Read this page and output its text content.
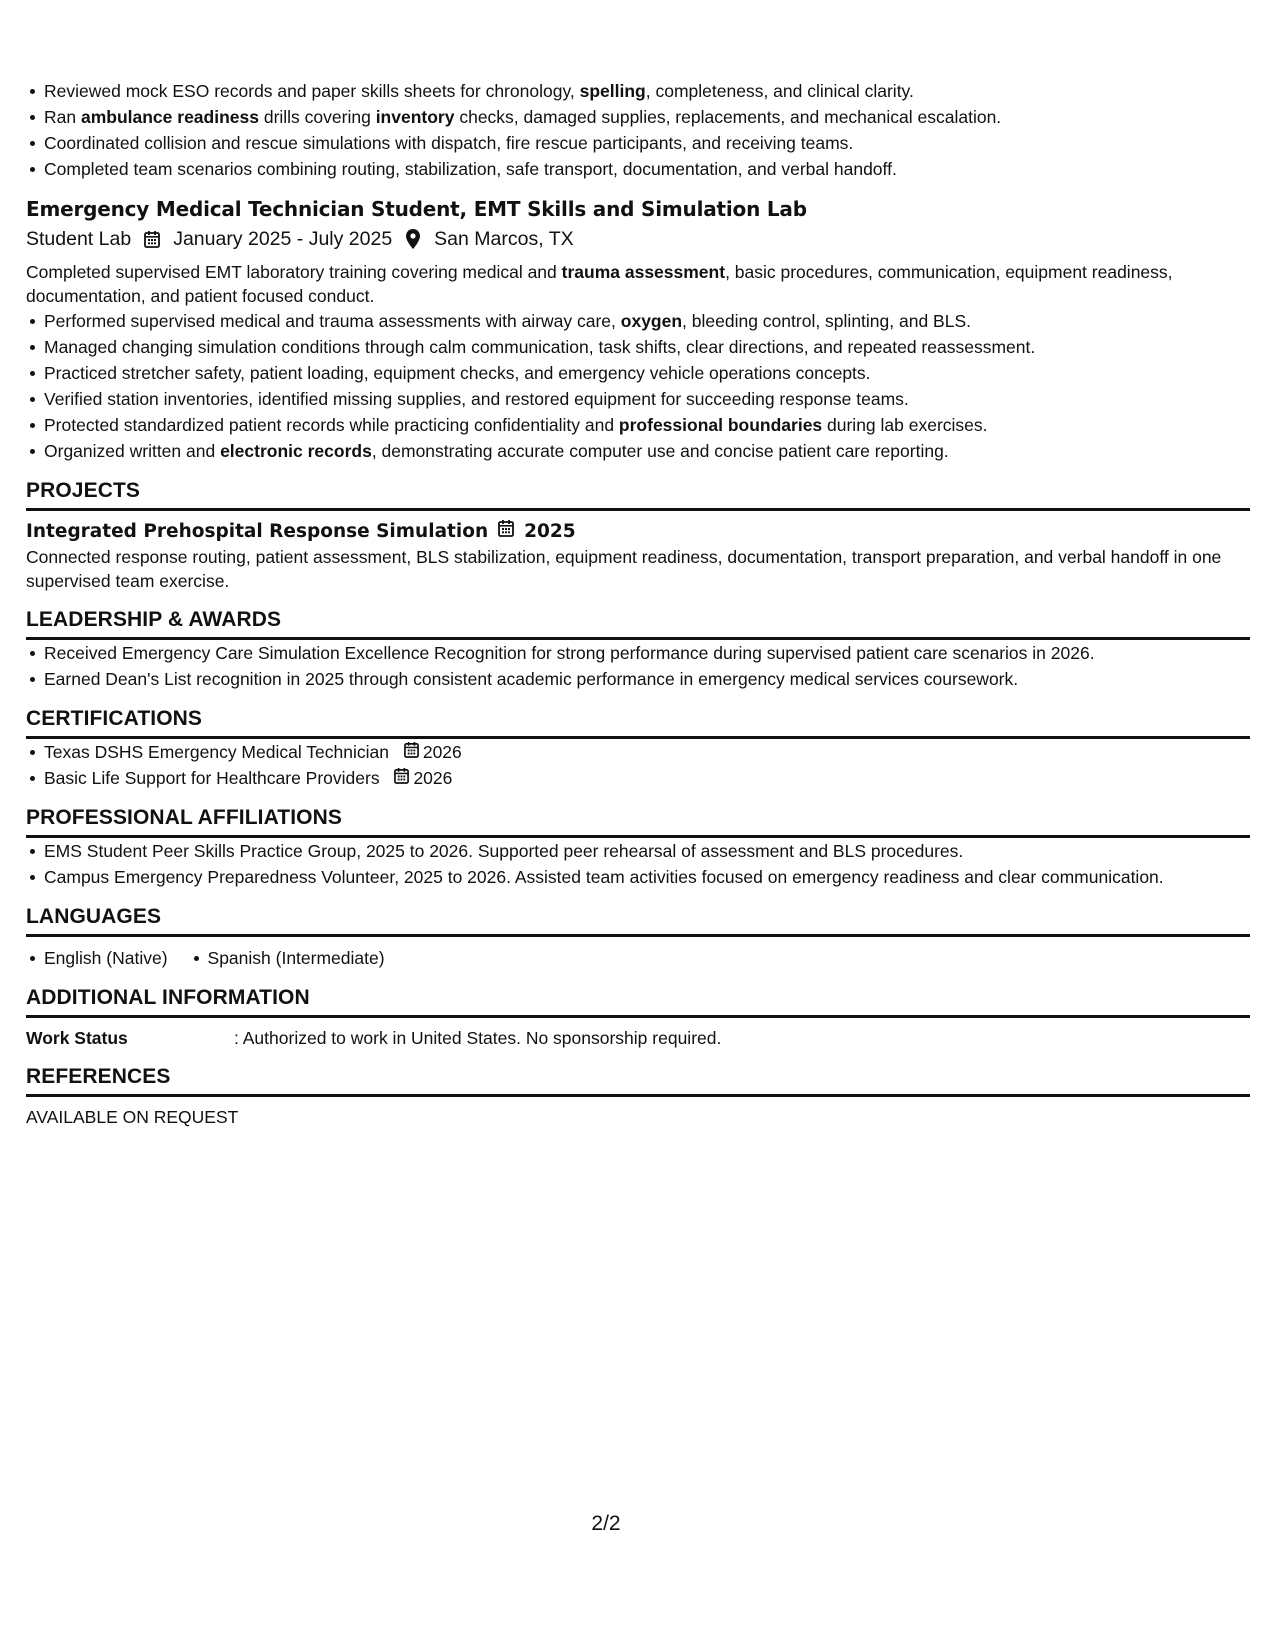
Reviewed mock ESO records and paper skills sheets for chronology, spelling, completeness, and clinical clarity.
Ran ambulance readiness drills covering inventory checks, damaged supplies, replacements, and mechanical escalation.
Coordinated collision and rescue simulations with dispatch, fire rescue participants, and receiving teams.
Completed team scenarios combining routing, stabilization, safe transport, documentation, and verbal handoff.
Emergency Medical Technician Student, EMT Skills and Simulation Lab
Student Lab January 2025 - July 2025 San Marcos, TX
Completed supervised EMT laboratory training covering medical and trauma assessment, basic procedures, communication, equipment readiness, documentation, and patient focused conduct.
Performed supervised medical and trauma assessments with airway care, oxygen, bleeding control, splinting, and BLS.
Managed changing simulation conditions through calm communication, task shifts, clear directions, and repeated reassessment.
Practiced stretcher safety, patient loading, equipment checks, and emergency vehicle operations concepts.
Verified station inventories, identified missing supplies, and restored equipment for succeeding response teams.
Protected standardized patient records while practicing confidentiality and professional boundaries during lab exercises.
Organized written and electronic records, demonstrating accurate computer use and concise patient care reporting.
PROJECTS
Integrated Prehospital Response Simulation 2025
Connected response routing, patient assessment, BLS stabilization, equipment readiness, documentation, transport preparation, and verbal handoff in one supervised team exercise.
LEADERSHIP & AWARDS
Received Emergency Care Simulation Excellence Recognition for strong performance during supervised patient care scenarios in 2026.
Earned Dean's List recognition in 2025 through consistent academic performance in emergency medical services coursework.
CERTIFICATIONS
Texas DSHS Emergency Medical Technician 2026
Basic Life Support for Healthcare Providers 2026
PROFESSIONAL AFFILIATIONS
EMS Student Peer Skills Practice Group, 2025 to 2026. Supported peer rehearsal of assessment and BLS procedures.
Campus Emergency Preparedness Volunteer, 2025 to 2026. Assisted team activities focused on emergency readiness and clear communication.
LANGUAGES
English (Native) Spanish (Intermediate)
ADDITIONAL INFORMATION
Work Status	: Authorized to work in United States. No sponsorship required.
REFERENCES
AVAILABLE ON REQUEST
2/2
